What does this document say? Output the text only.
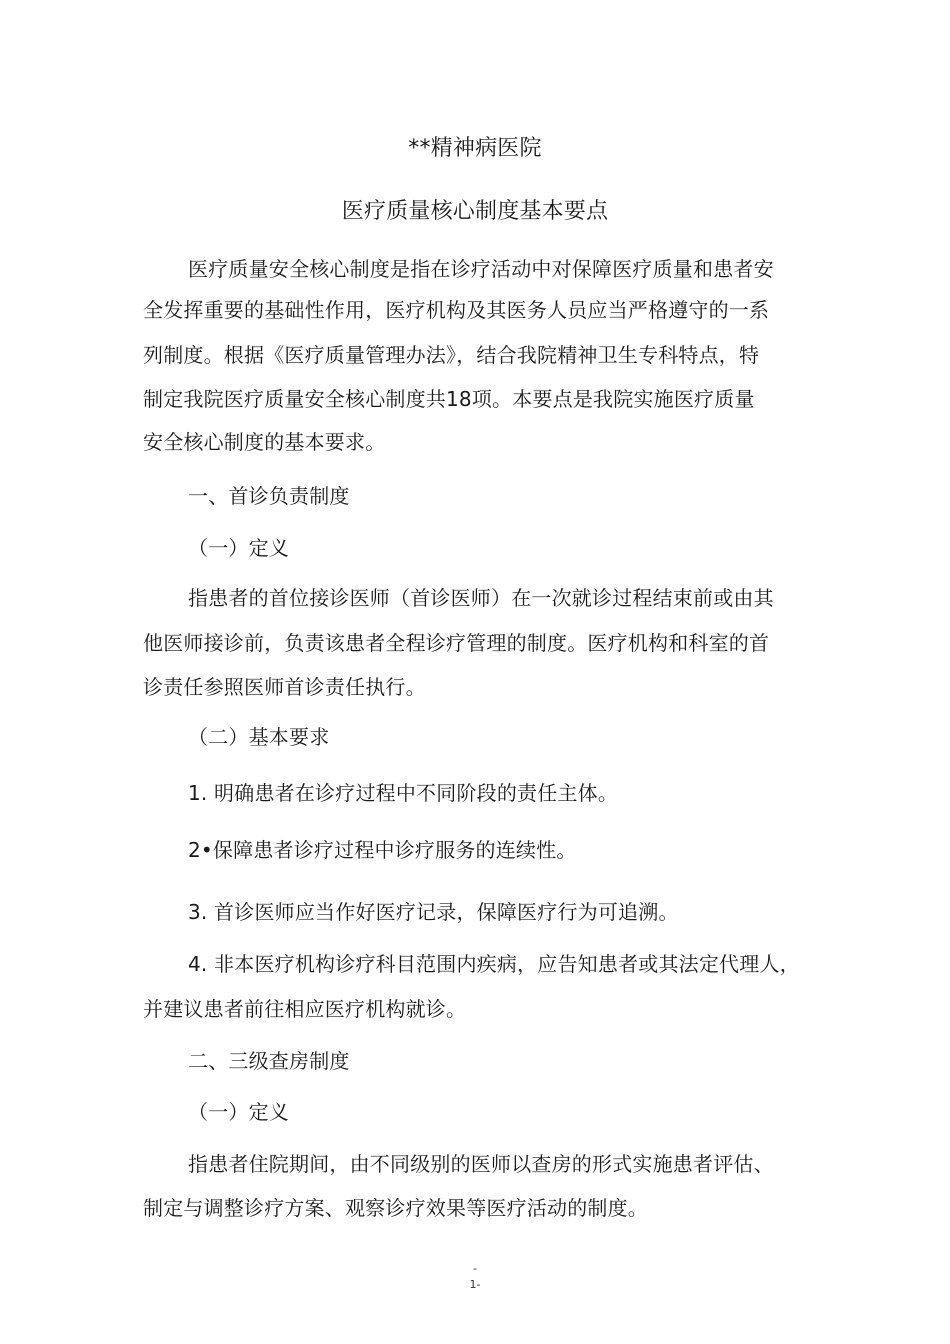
**精神病医院
医疗质量核心制度基本要点
医疗质量安全核心制度是指在诊疗活动中对保障医疗质量和患者安
全发挥重要的基础性作用，医疗机构及其医务人员应当严格遵守的一系
列制度。根据《医疗质量管理办法》，结合我院精神卫生专科特点，特
制定我院医疗质量安全核心制度共18项。本要点是我院实施医疗质量
安全核心制度的基本要求。
一、首诊负责制度
（一）定义
指患者的首位接诊医师（首诊医师）在一次就诊过程结束前或由其
他医师接诊前，负责该患者全程诊疗管理的制度。医疗机构和科室的首
诊责任参照医师首诊责任执行。
（二）基本要求
1. 明确患者在诊疗过程中不同阶段的责任主体。
2•保障患者诊疗过程中诊疗服务的连续性。
3. 首诊医师应当作好医疗记录，保障医疗行为可追溯。
4. 非本医疗机构诊疗科目范围内疾病，应告知患者或其法定代理人，
并建议患者前往相应医疗机构就诊。
二、三级查房制度
（一）定义
指患者住院期间，由不同级别的医师以查房的形式实施患者评估、
制定与调整诊疗方案、观察诊疗效果等医疗活动的制度。
-
1-
